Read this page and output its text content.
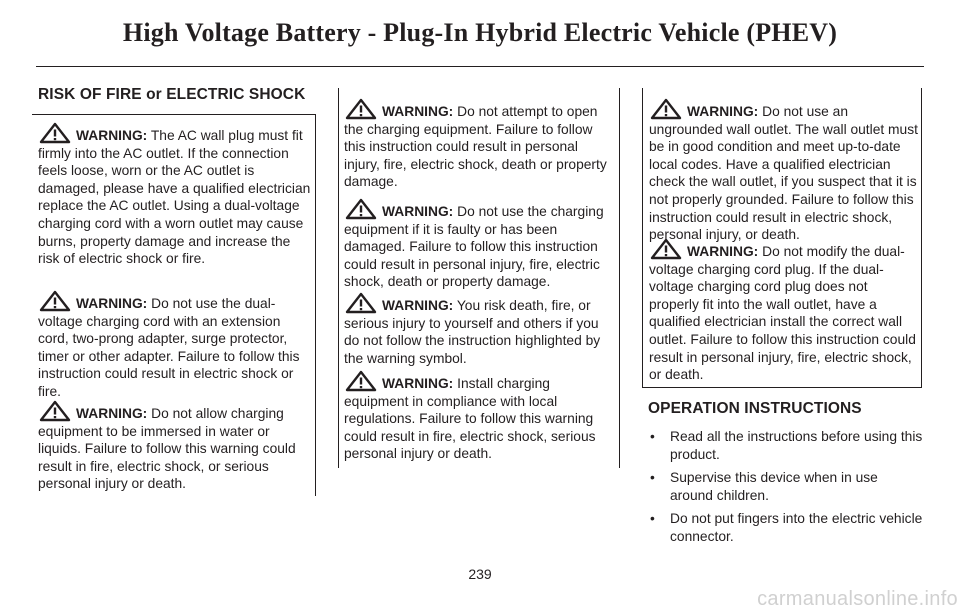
High Voltage Battery - Plug-In Hybrid Electric Vehicle (PHEV)
RISK OF FIRE or ELECTRIC SHOCK
WARNING: The AC wall plug must fit firmly into the AC outlet. If the connection feels loose, worn or the AC outlet is damaged, please have a qualified electrician replace the AC outlet. Using a dual-voltage charging cord with a worn outlet may cause burns, property damage and increase the risk of electric shock or fire.
WARNING: Do not use the dual-voltage charging cord with an extension cord, two-prong adapter, surge protector, timer or other adapter. Failure to follow this instruction could result in electric shock or fire.
WARNING: Do not allow charging equipment to be immersed in water or liquids. Failure to follow this warning could result in fire, electric shock, or serious personal injury or death.
WARNING: Do not attempt to open the charging equipment. Failure to follow this instruction could result in personal injury, fire, electric shock, death or property damage.
WARNING: Do not use the charging equipment if it is faulty or has been damaged. Failure to follow this instruction could result in personal injury, fire, electric shock, death or property damage.
WARNING: You risk death, fire, or serious injury to yourself and others if you do not follow the instruction highlighted by the warning symbol.
WARNING: Install charging equipment in compliance with local regulations. Failure to follow this warning could result in fire, electric shock, serious personal injury or death.
WARNING: Do not use an ungrounded wall outlet. The wall outlet must be in good condition and meet up-to-date local codes. Have a qualified electrician check the wall outlet, if you suspect that it is not properly grounded. Failure to follow this instruction could result in electric shock, personal injury, or death.
WARNING: Do not modify the dual-voltage charging cord plug. If the dual-voltage charging cord plug does not properly fit into the wall outlet, have a qualified electrician install the correct wall outlet. Failure to follow this instruction could result in personal injury, fire, electric shock, or death.
OPERATION INSTRUCTIONS
• Read all the instructions before using this product.
• Supervise this device when in use around children.
• Do not put fingers into the electric vehicle connector.
239
carmanualsonline.info
